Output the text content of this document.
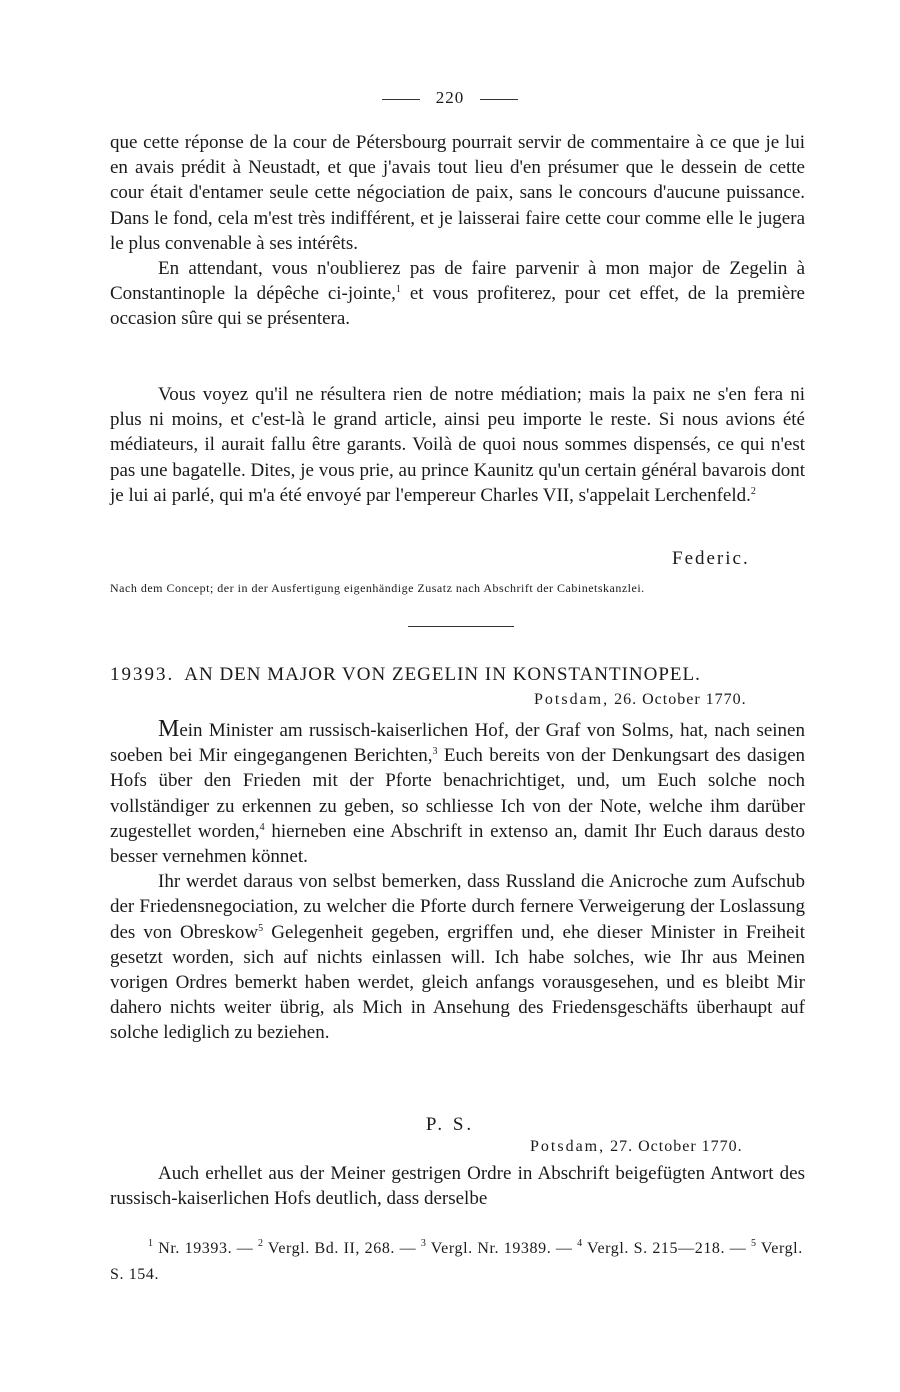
220

que cette réponse de la cour de Pétersbourg pourrait servir de commentaire à ce que je lui en avais prédit à Neustadt, et que j'avais tout lieu d'en présumer que le dessein de cette cour était d'entamer seule cette négociation de paix, sans le concours d'aucune puissance. Dans le fond, cela m'est très indifférent, et je laisserai faire cette cour comme elle le jugera le plus convenable à ses intérêts.

En attendant, vous n'oublierez pas de faire parvenir à mon major de Zegelin à Constantinople la dépêche ci-jointe,$^1$ et vous profiterez, pour cet effet, de la première occasion sûre qui se présentera.

Vous voyez qu'il ne résultera rien de notre médiation; mais la paix ne s'en fera ni plus ni moins, et c'est-là le grand article, ainsi peu importe le reste. Si nous avions été médiateurs, il aurait fallu être garants. Voilà de quoi nous sommes dispensés, ce qui n'est pas une bagatelle. Dites, je vous prie, au prince Kaunitz qu'un certain général bavarois dont je lui ai parlé, qui m'a été envoyé par l'empereur Charles VII, s'appelait Lerchenfeld.$^2$

Federic.
Nach dem Concept; der in der Ausfertigung eigenhändige Zusatz nach Abschrift der Cabinetskanzlei.
19393. AN DEN MAJOR VON ZEGELIN IN KONSTANTINOPEL.
Potsdam, 26. October 1770.

Mein Minister am russisch-kaiserlichen Hof, der Graf von Solms, hat, nach seinen soeben bei Mir eingegangenen Berichten,$^3$ Euch bereits von der Denkungsart des dasigen Hofs über den Frieden mit der Pforte benachrichtiget, und, um Euch solche noch vollständiger zu erkennen zu geben, so schliesse Ich von der Note, welche ihm darüber zugestellet worden,$^4$ hierneben eine Abschrift in extenso an, damit Ihr Euch daraus desto besser vernehmen könnet.

Ihr werdet daraus von selbst bemerken, dass Russland die Anicroche zum Aufschub der Friedensnegociation, zu welcher die Pforte durch fernere Verweigerung der Loslassung des von Obreskow$^5$ Gelegenheit gegeben, ergriffen und, ehe dieser Minister in Freiheit gesetzt worden, sich auf nichts einlassen will. Ich habe solches, wie Ihr aus Meinen vorigen Ordres bemerkt haben werdet, gleich anfangs vorausgesehen, und es bleibt Mir dahero nichts weiter übrig, als Mich in Ansehung des Friedensgeschäfts überhaupt auf solche lediglich zu beziehen.

P. S.
Potsdam, 27. October 1770.

Auch erhellet aus der Meiner gestrigen Ordre in Abschrift beigefügten Antwort des russisch-kaiserlichen Hofs deutlich, dass derselbe

$^1$ Nr. 19393. — $^2$ Vergl. Bd. II, 268. — $^3$ Vergl. Nr. 19389. — $^4$ Vergl. S. 215—218. — $^5$ Vergl. S. 154.
